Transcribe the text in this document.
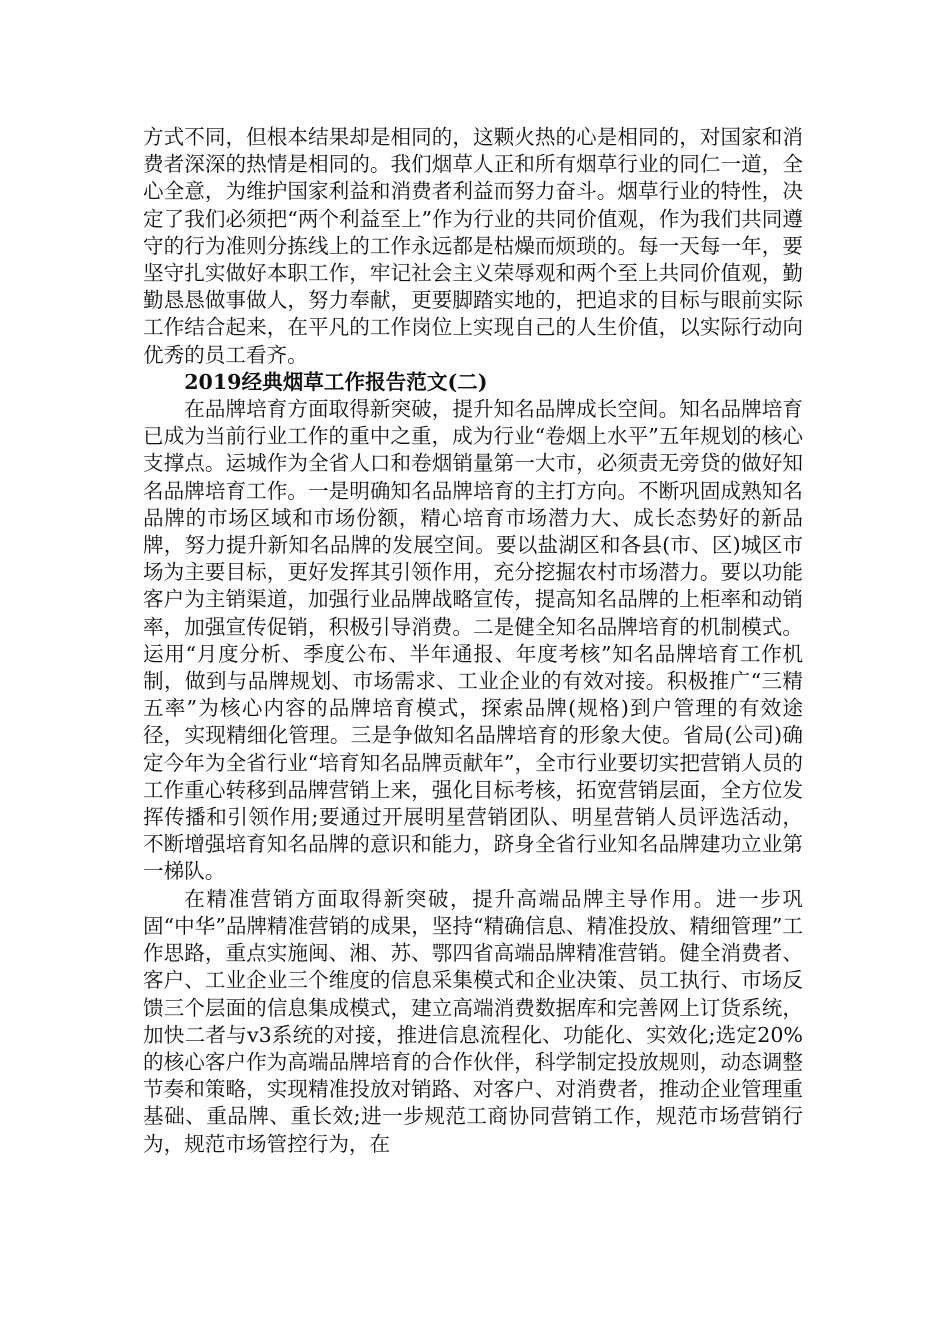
方式不同，但根本结果却是相同的，这颗火热的心是相同的，对国家和消费者深深的热情是相同的。我们烟草人正和所有烟草行业的同仁一道，全心全意，为维护国家利益和消费者利益而努力奋斗。烟草行业的特性，决定了我们必须把“两个利益至上”作为行业的共同价值观，作为我们共同遵守的行为准则分拣线上的工作永远都是枯燥而烦琐的。每一天每一年，要坚守扎实做好本职工作，牢记社会主义荣辱观和两个至上共同价值观，勤勤恳恳做事做人，努力奉献，更要脚踏实地的，把追求的目标与眼前实际工作结合起来，在平凡的工作岗位上实现自己的人生价值，以实际行动向优秀的员工看齐。

2019经典烟草工作报告范文(二)

在品牌培育方面取得新突破，提升知名品牌成长空间。知名品牌培育已成为当前行业工作的重中之重，成为行业“卷烟上水平”五年规划的核心支撑点。运城作为全省人口和卷烟销量第一大市，必须责无旁贷的做好知名品牌培育工作。一是明确知名品牌培育的主打方向。不断巩固成熟知名品牌的市场区域和市场份额，精心培育市场潜力大、成长态势好的新品牌，努力提升新知名品牌的发展空间。要以盐湖区和各县(市、区)城区市场为主要目标，更好发挥其引领作用，充分挖掘农村市场潜力。要以功能客户为主销渠道，加强行业品牌战略宣传，提高知名品牌的上柜率和动销率，加强宣传促销，积极引导消费。二是健全知名品牌培育的机制模式。运用“月度分析、季度公布、半年通报、年度考核”知名品牌培育工作机制，做到与品牌规划、市场需求、工业企业的有效对接。积极推广“三精五率”为核心内容的品牌培育模式，探索品牌(规格)到户管理的有效途径，实现精细化管理。三是争做知名品牌培育的形象大使。省局(公司)确定今年为全省行业“培育知名品牌贡献年”，全市行业要切实把营销人员的工作重心转移到品牌营销上来，强化目标考核，拓宽营销层面，全方位发挥传播和引领作用;要通过开展明星营销团队、明星营销人员评选活动，不断增强培育知名品牌的意识和能力，跻身全省行业知名品牌建功立业第一梯队。

在精准营销方面取得新突破，提升高端品牌主导作用。进一步巩固“中华”品牌精准营销的成果，坚持“精确信息、精准投放、精细管理”工作思路，重点实施闽、湘、苏、鄂四省高端品牌精准营销。健全消费者、客户、工业企业三个维度的信息采集模式和企业决策、员工执行、市场反馈三个层面的信息集成模式，建立高端消费数据库和完善网上订货系统，加快二者与v3系统的对接，推进信息流程化、功能化、实效化;选定20%的核心客户作为高端品牌培育的合作伙伴，科学制定投放规则，动态调整节奏和策略，实现精准投放对销路、对客户、对消费者，推动企业管理重基础、重品牌、重长效;进一步规范工商协同营销工作，规范市场营销行为，规范市场管控行为，在
